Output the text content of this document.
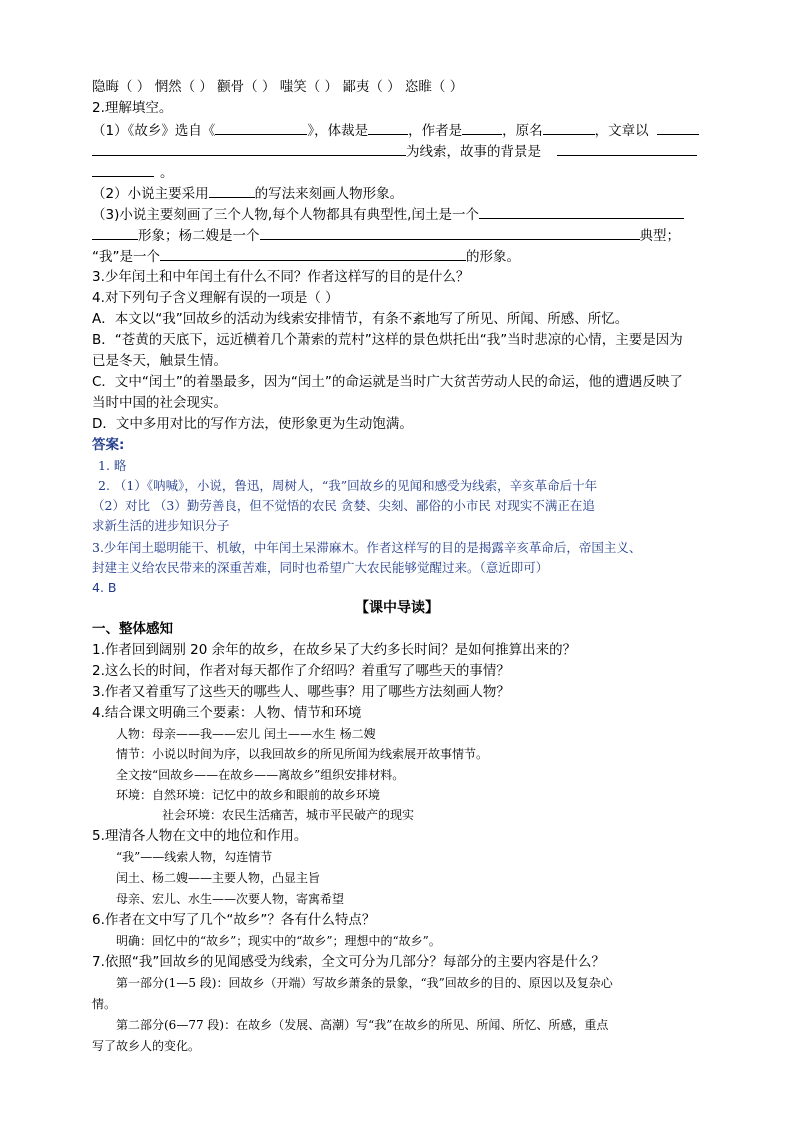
隐晦（ ） 惘然（ ） 颧骨（ ） 嗤笑（ ） 鄙夷（ ） 恣睢（ ）
2.理解填空。
（1）《故乡》选自《	》，体裁是	，作者是	，原名	，文章以
为线索，故事的背景是
。
（2）小说主要采用	的写法来刻画人物形象。
（3)小说主要刻画了三个人物,每个人物都具有典型性,闰土是一个
形象；杨二嫂是一个	典型；
“我”是一个	的形象。
3.少年闰土和中年闰土有什么不同？作者这样写的目的是什么？
4.对下列句子含义理解有误的一项是（ ）
A．本文以“我”回故乡的活动为线索安排情节，有条不紊地写了所见、所闻、所感、所忆。
B．“苍黄的天底下，远近横着几个萧索的荒村”这样的景色烘托出“我”当时悲凉的心情，主要是因为
已是冬天，触景生情。
C．文中“闰土”的着墨最多，因为“闰土”的命运就是当时广大贫苦劳动人民的命运，他的遭遇反映了
当时中国的社会现实。
D．文中多用对比的写作方法，使形象更为生动饱满。
答案:
1. 略
2. （1）《呐喊》，小说，鲁迅，周树人，“我”回故乡的见闻和感受为线索，辛亥革命后十年
（2）对比 （3）勤劳善良，但不觉悟的农民 贪婪、尖刻、鄙俗的小市民 对现实不满正在追
求新生活的进步知识分子
3.少年闰土聪明能干、机敏，中年闰土呆滞麻木。作者这样写的目的是揭露辛亥革命后，帝国主义、
封建主义给农民带来的深重苦难，同时也希望广大农民能够觉醒过来。（意近即可）
4. B
【课中导读】
一、整体感知
1.作者回到阔别 20 余年的故乡，在故乡呆了大约多长时间？是如何推算出来的？
2.这么长的时间，作者对每天都作了介绍吗？着重写了哪些天的事情？
3.作者又着重写了这些天的哪些人、哪些事？用了哪些方法刻画人物？
4.结合课文明确三个要素：人物、情节和环境
人物：母亲——我——宏儿 闰土——水生 杨二嫂
情节：小说以时间为序，以我回故乡的所见所闻为线索展开故事情节。
全文按“回故乡——在故乡——离故乡”组织安排材料。
环境：自然环境：记忆中的故乡和眼前的故乡环境
社会环境：农民生活痛苦，城市平民破产的现实
5.理清各人物在文中的地位和作用。
“我”——线索人物，勾连情节
闰土、杨二嫂——主要人物，凸显主旨
母亲、宏儿、水生——次要人物，寄寓希望
6.作者在文中写了几个“故乡”？各有什么特点？
明确：回忆中的“故乡”；现实中的“故乡”；理想中的“故乡”。
7.依照“我”回故乡的见闻感受为线索，全文可分为几部分？每部分的主要内容是什么？
第一部分(1—5 段)：回故乡（开端）写故乡萧条的景象，“我”回故乡的目的、原因以及复杂心
情。
第二部分(6—77 段)：在故乡（发展、高潮）写“我”在故乡的所见、所闻、所忆、所感，重点
写了故乡人的变化。
